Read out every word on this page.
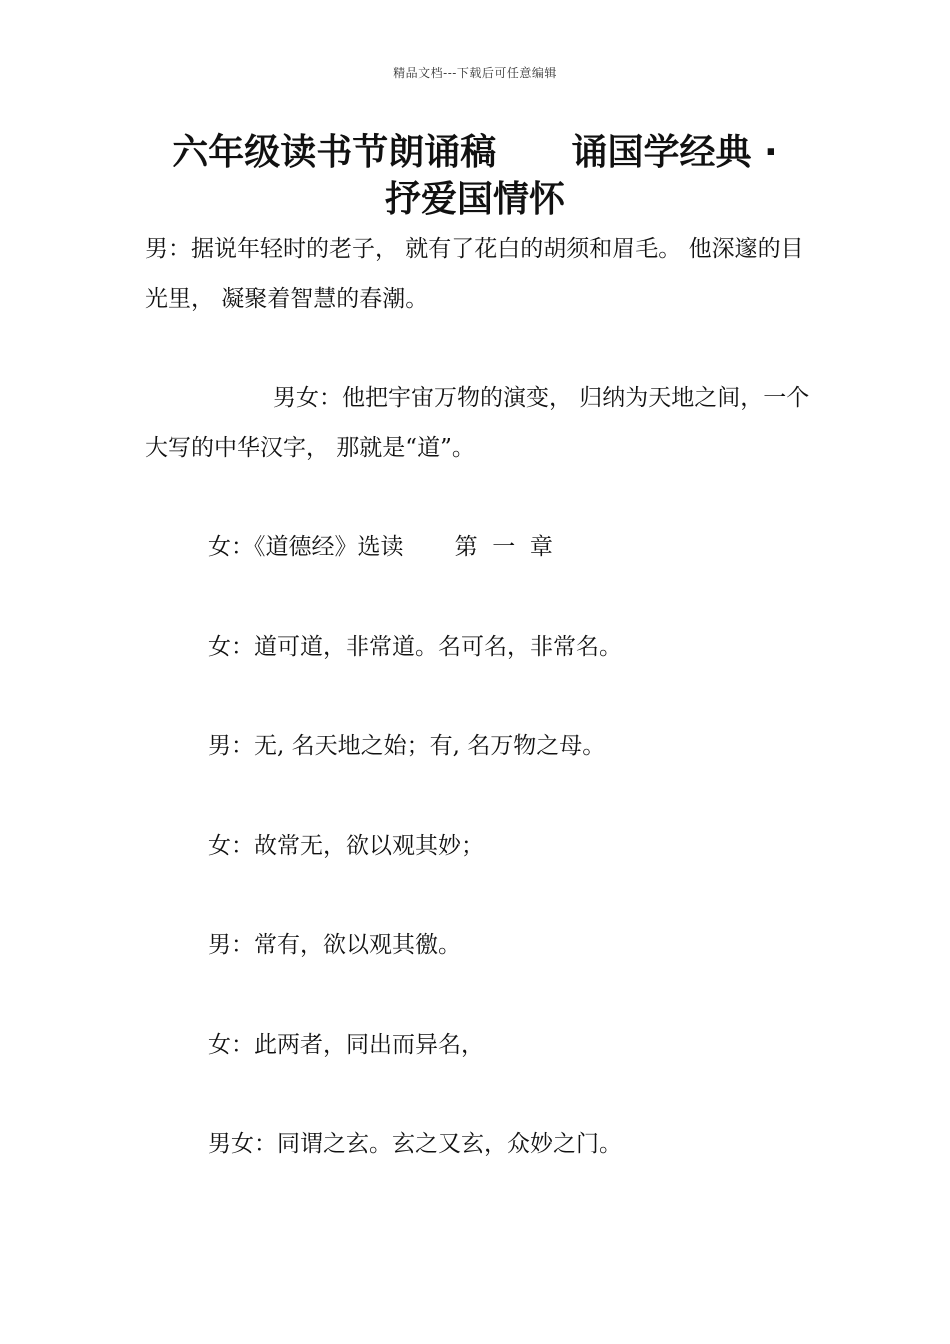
精品文档---下载后可任意编辑
六年级读书节朗诵稿      诵国学经典 ·
抒爱国情怀
男：据说年轻时的老子， 就有了花白的胡须和眉毛。 他深邃的目光里， 凝聚着智慧的春潮。
男女：他把宇宙万物的演变， 归纳为天地之间，一个大写的中华汉字， 那就是“道”。
女：《道德经》选读       第  一  章
女：道可道，非常道。名可名，非常名。
男：无, 名天地之始；有, 名万物之母。
女：故常无，欲以观其妙；
男：常有，欲以观其徼。
女：此两者，同出而异名，
男女：同谓之玄。玄之又玄，众妙之门。
